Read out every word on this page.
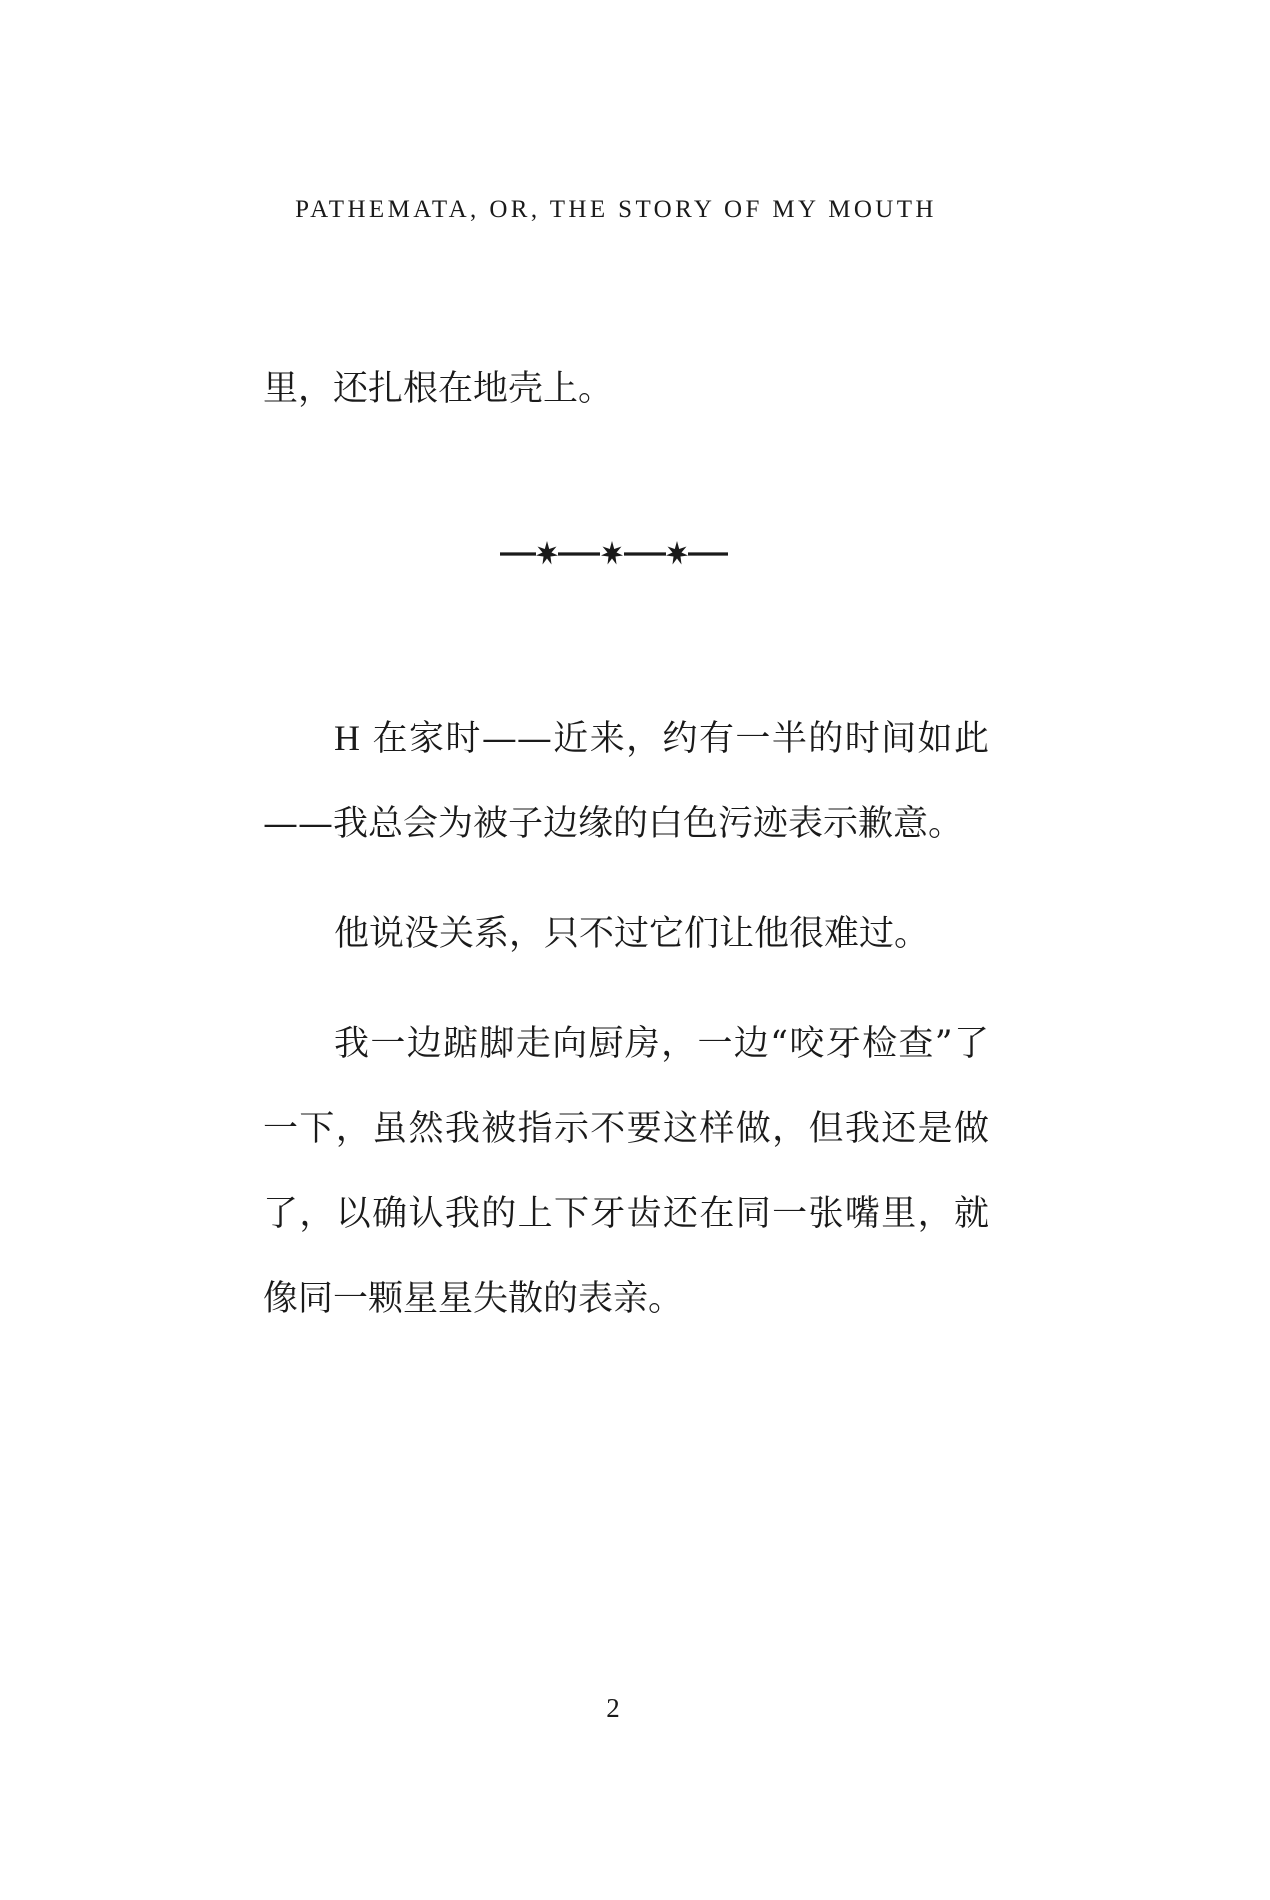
PATHEMATA, OR, THE STORY OF MY MOUTH
里，还扎根在地壳上。

H 在家时——近来，约有一半的时间如此——我总会为被子边缘的白色污迹表示歉意。

他说没关系，只不过它们让他很难过。

我一边踮脚走向厨房，一边“咬牙检查”了一下，虽然我被指示不要这样做，但我还是做了，以确认我的上下牙齿还在同一张嘴里，就像同一颗星星失散的表亲。

2
